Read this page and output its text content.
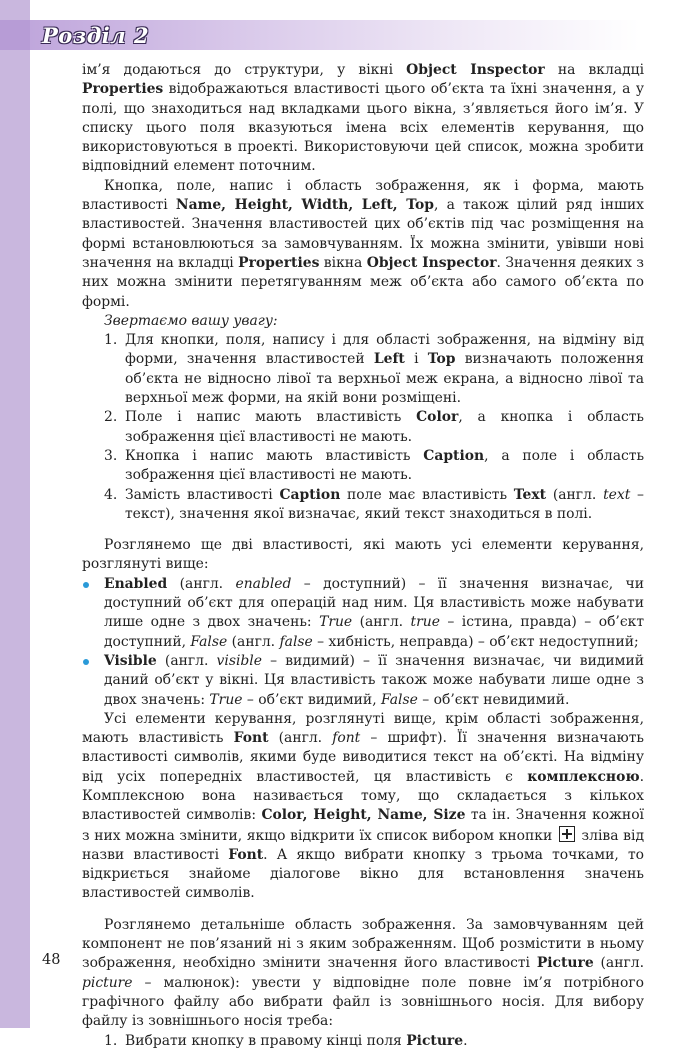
Розділ 2

ім’я додаються до структури, у вікні Object Inspector на вкладці Properties відображаються властивості цього об’єкта та їхні значення, а у полі, що знаходиться над вкладками цього вікна, з’являється його ім’я. У списку цього поля вказуються імена всіх елементів керування, що використовуються в проекті. Використовуючи цей список, можна зробити відповідний елемент поточним.

Кнопка, поле, напис і область зображення, як і форма, мають властивості Name, Height, Width, Left, Top, а також цілий ряд інших властивостей. Значення властивостей цих об’єктів під час розміщення на формі встановлюються за замовчуванням. Їх можна змінити, увівши нові значення на вкладці Properties вікна Object Inspector. Значення деяких з них можна змінити перетягуванням меж об’єкта або самого об’єкта по формі.

Звертаємо вашу увагу:

1. Для кнопки, поля, напису і для області зображення, на відміну від форми, значення властивостей Left і Top визначають положення об’єкта не відносно лівої та верхньої меж екрана, а відносно лівої та верхньої меж форми, на якій вони розміщені.
2. Поле і напис мають властивість Color, а кнопка і область зображення цієї властивості не мають.
3. Кнопка і напис мають властивість Caption, а поле і область зображення цієї властивості не мають.
4. Замість властивості Caption поле має властивість Text (англ. text – текст), значення якої визначає, який текст знаходиться в полі.

Розглянемо ще дві властивості, які мають усі елементи керування, розглянуті вище:

Enabled (англ. enabled – доступний) – її значення визначає, чи доступний об’єкт для операцій над ним. Ця властивість може набувати лише одне з двох значень: True (англ. true – істина, правда) – об’єкт доступний, False (англ. false – хибність, неправда) – об’єкт недоступний;
Visible (англ. visible – видимий) – її значення визначає, чи видимий даний об’єкт у вікні. Ця властивість також може набувати лише одне з двох значень: True – об’єкт видимий, False – об’єкт невидимий.

Усі елементи керування, розглянуті вище, крім області зображення, мають властивість Font (англ. font – шрифт). Її значення визначають властивості символів, якими буде виводитися текст на об’єкті. На відміну від усіх попередніх властивостей, ця властивість є комплексною. Комплексною вона називається тому, що складається з кількох властивостей символів: Color, Height, Name, Size та ін. Значення кожної з них можна змінити, якщо відкрити їх список вибором кнопки  зліва від назви властивості Font. А якщо вибрати кнопку з трьома точками, то відкриється знайоме діалогове вікно для встановлення значень властивостей символів.

Розглянемо детальніше область зображення. За замовчуванням цей компонент не пов’язаний ні з яким зображенням. Щоб розмістити в ньому зображення, необхідно змінити значення його властивості Picture (англ. picture – малюнок): увести у відповідне поле повне ім’я потрібного графічного файлу або вибрати файл із зовнішнього носія. Для вибору файлу із зовнішнього носія треба:

1. Вибрати кнопку в правому кінці поля Picture.
48
